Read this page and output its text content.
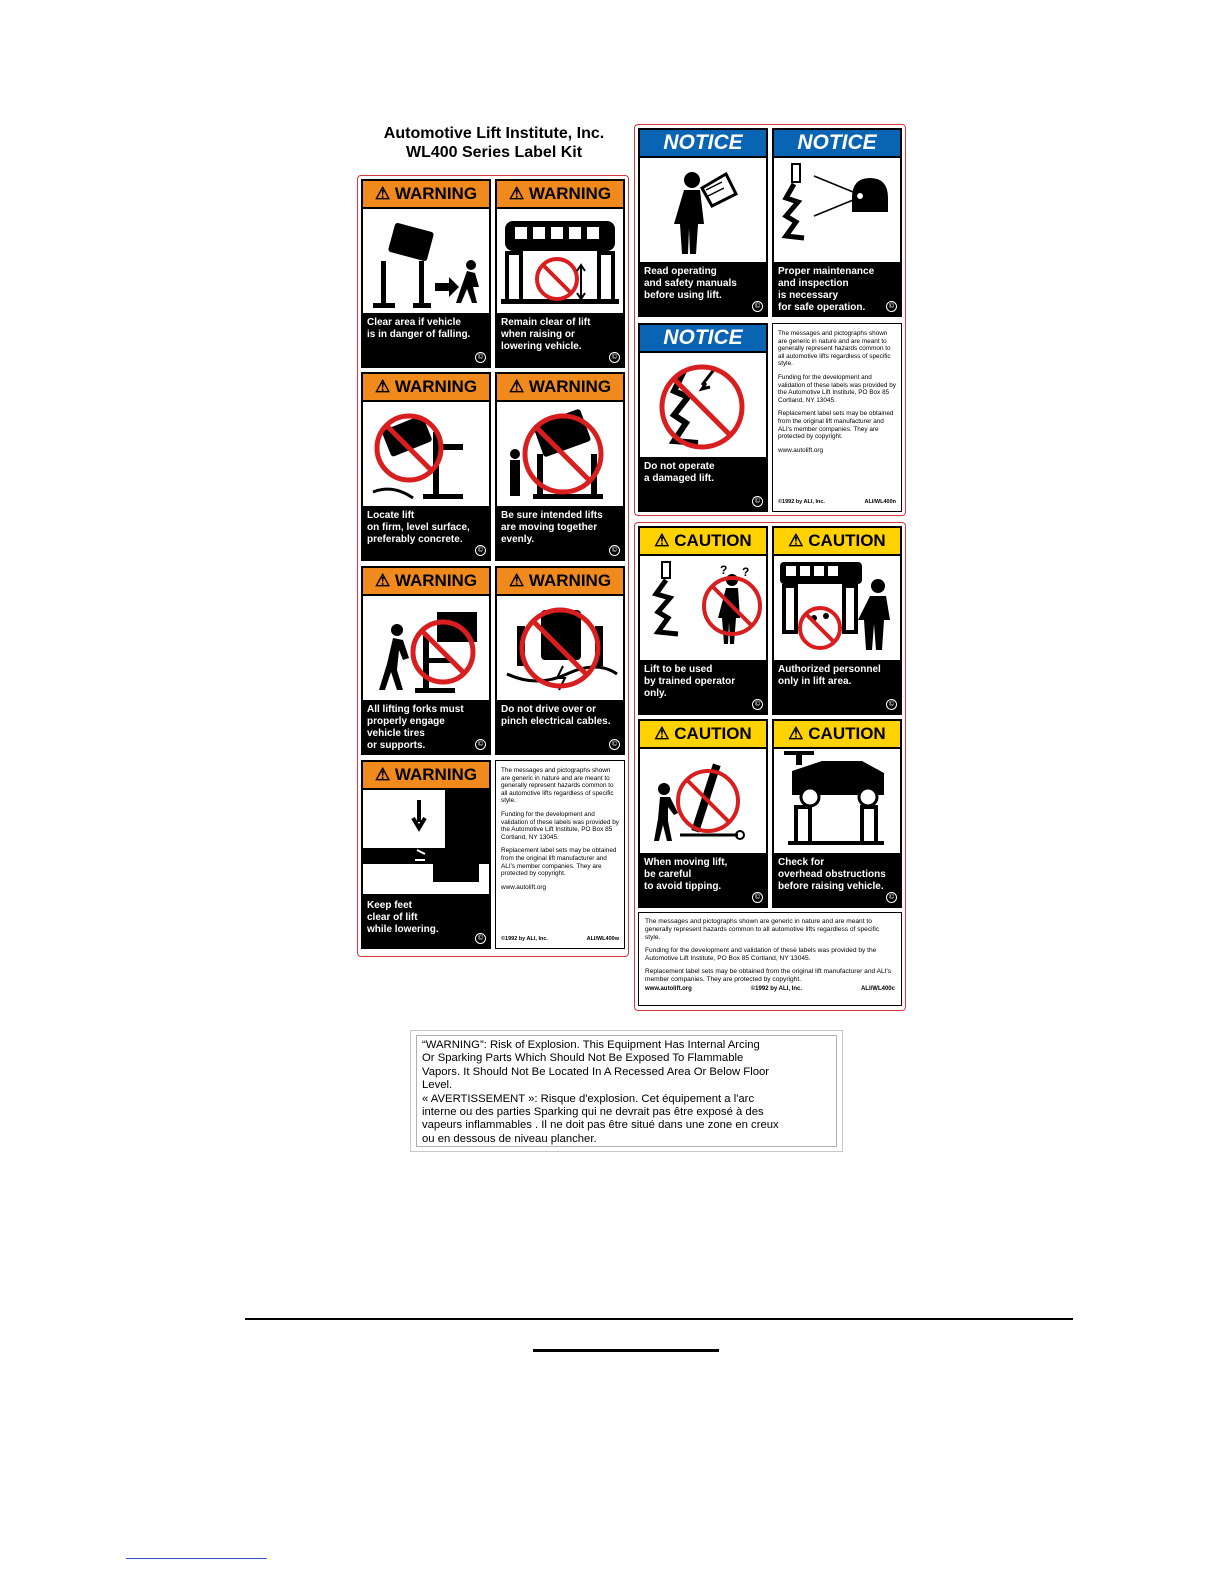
Automotive Lift Institute, Inc.
WL400 Series Label Kit
⚠ WARNING
Clear area if vehicle
is in danger of falling.
©
⚠ WARNING
Remain clear of lift
when raising or
lowering vehicle.
©
⚠ WARNING
Locate lift
on firm, level surface,
preferably concrete.
©
⚠ WARNING
Be sure intended lifts
are moving together
evenly.
©
⚠ WARNING
All lifting forks must
properly engage
vehicle tires
or supports.	©
⚠ WARNING
Do not drive over or
pinch electrical cables.
©
⚠ WARNING
Keep feet
clear of lift
while lowering.
©

The messages and pictographs shown are generic in nature and are meant to generally represent hazards common to all automotive lifts regardless of specific style.

Funding for the development and validation of these labels was provided by the Automotive Lift Institute, PO Box 85 Cortland, NY 13045.

Replacement label sets may be obtained from the original lift manufacturer and ALI's member companies. They are protected by copyright.

www.autolift.org

©1992 by ALI, Inc.	ALI/WL400w
NOTICE
Read operating
and safety manuals
before using lift.
©
NOTICE
Proper maintenance
and inspection
is necessary
for safe operation.	©
NOTICE
Do not operate
a damaged lift.
©

The messages and pictographs shown are generic in nature and are meant to generally represent hazards common to all automotive lifts regardless of specific style.

Funding for the development and validation of these labels was provided by the Automotive Lift Institute, PO Box 85 Cortland, NY 13045.

Replacement label sets may be obtained from the original lift manufacturer and ALI's member companies. They are protected by copyright.

www.autolift.org

©1992 by ALI, Inc.	ALI/WL400n
⚠ CAUTION
? ?
Lift to be used
by trained operator
only.
©
⚠ CAUTION
Authorized personnel
only in lift area.
©
⚠ CAUTION
When moving lift,
be careful
to avoid tipping.
©
⚠ CAUTION
Check for
overhead obstructions
before raising vehicle.
©

The messages and pictographs shown are generic in nature and are meant to generally represent hazards common to all automotive lifts regardless of specific style.

Funding for the development and validation of these labels was provided by the Automotive Lift Institute, PO Box 85 Cortland, NY 13045.

Replacement label sets may be obtained from the original lift manufacturer and ALI's member companies. They are protected by copyright.

www.autolift.org	©1992 by ALI, Inc.	ALI/WL400c
“WARNING”: Risk of Explosion. This Equipment Has Internal Arcing
Or Sparking Parts Which Should Not Be Exposed To Flammable
Vapors. It Should Not Be Located In A Recessed Area Or Below Floor
Level.
« AVERTISSEMENT »: Risque d'explosion. Cet équipement a l'arc
interne ou des parties Sparking qui ne devrait pas être exposé à des
vapeurs inflammables . Il ne doit pas être situé dans une zone en creux
ou en dessous de niveau plancher.
